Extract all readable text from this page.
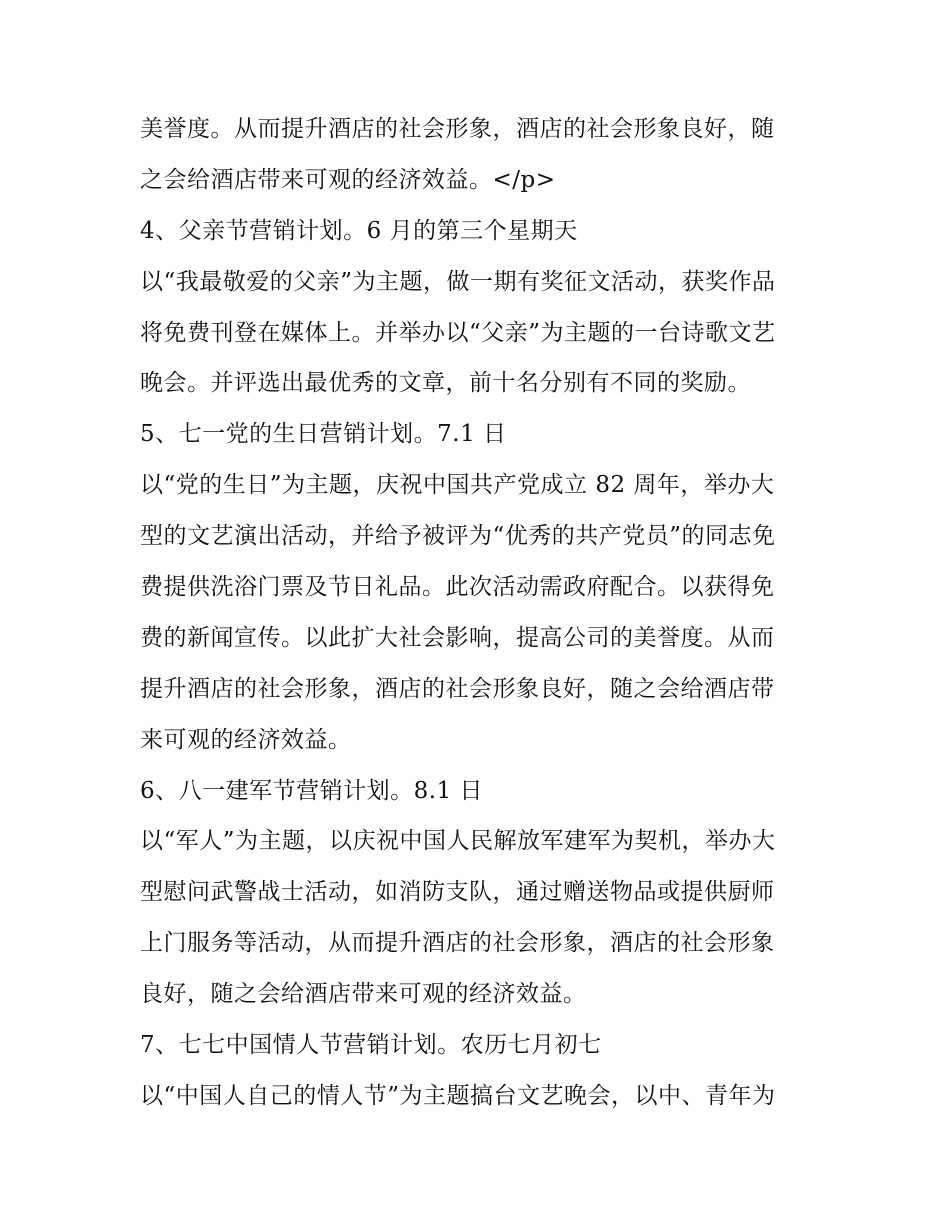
美誉度。从而提升酒店的社会形象，酒店的社会形象良好，随
之会给酒店带来可观的经济效益。</p>
4、父亲节营销计划。6 月的第三个星期天
以“我最敬爱的父亲”为主题，做一期有奖征文活动，获奖作品
将免费刊登在媒体上。并举办以“父亲”为主题的一台诗歌文艺
晚会。并评选出最优秀的文章，前十名分别有不同的奖励。
5、七一党的生日营销计划。7.1 日
以“党的生日”为主题，庆祝中国共产党成立 82 周年，举办大
型的文艺演出活动，并给予被评为“优秀的共产党员”的同志免
费提供洗浴门票及节日礼品。此次活动需政府配合。以获得免
费的新闻宣传。以此扩大社会影响，提高公司的美誉度。从而
提升酒店的社会形象，酒店的社会形象良好，随之会给酒店带
来可观的经济效益。
6、八一建军节营销计划。8.1 日
以“军人”为主题，以庆祝中国人民解放军建军为契机，举办大
型慰问武警战士活动，如消防支队，通过赠送物品或提供厨师
上门服务等活动，从而提升酒店的社会形象，酒店的社会形象
良好，随之会给酒店带来可观的经济效益。
7、七七中国情人节营销计划。农历七月初七
以“中国人自己的情人节”为主题搞台文艺晚会，以中、青年为
